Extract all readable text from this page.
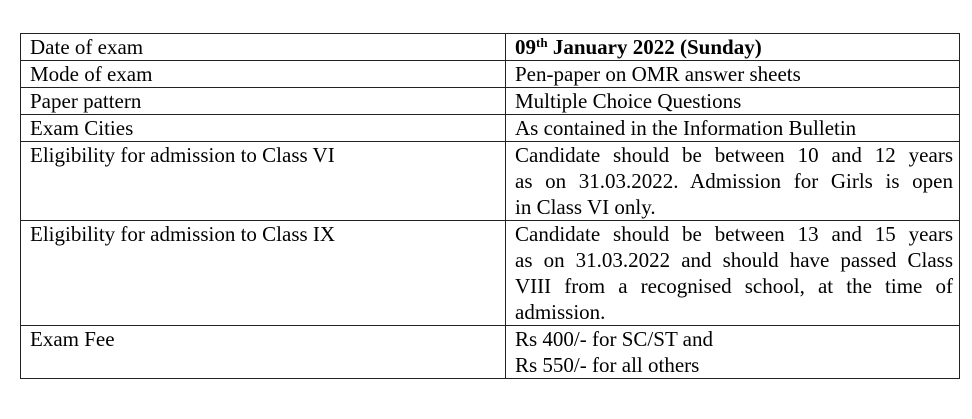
Date of exam	09th January 2022 (Sunday)
Mode of exam	Pen-paper on OMR answer sheets
Paper pattern	Multiple Choice Questions
Exam Cities	As contained in the Information Bulletin
Eligibility for admission to Class VI	Candidate should be between 10 and 12 years
as on 31.03.2022. Admission for Girls is open
in Class VI only.

Eligibility for admission to Class IX	Candidate should be between 13 and 15 years
as on 31.03.2022 and should have passed Class
VIII from a recognised school, at the time of
admission.

Exam Fee	Rs 400/- for SC/ST and
Rs 550/- for all others
